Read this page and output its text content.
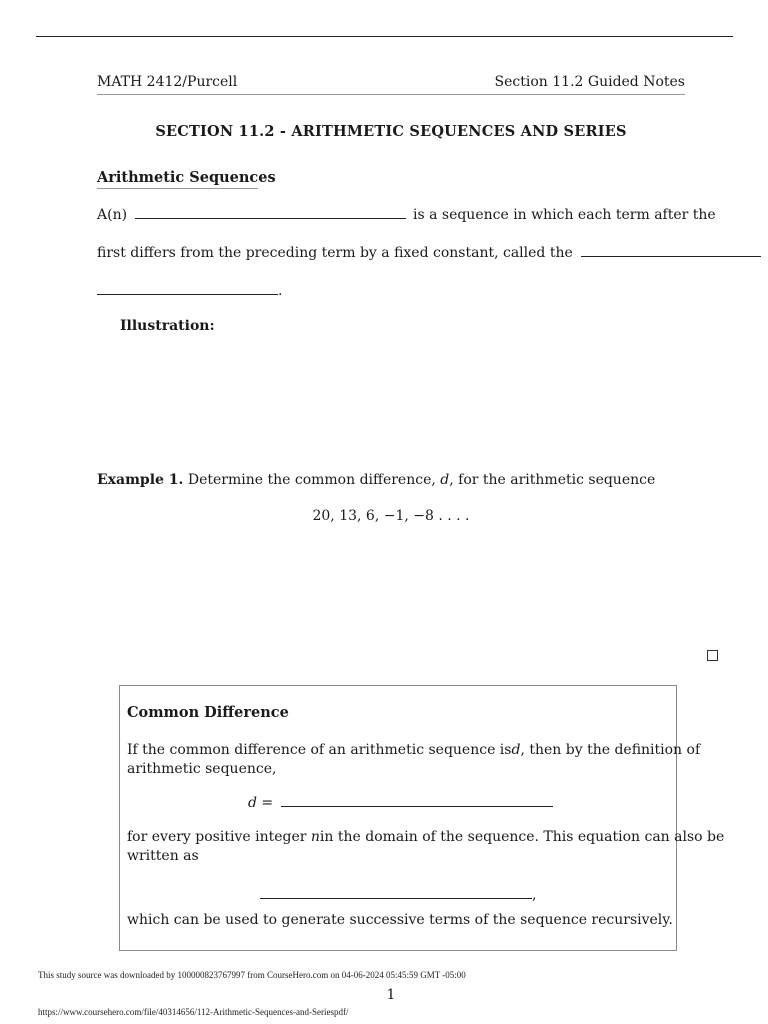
MATH 2412/Purcell	Section 11.2 Guided Notes
SECTION 11.2 - ARITHMETIC SEQUENCES AND SERIES
Arithmetic Sequences
A(n)	is a sequence in which each term after the
first differs from the preceding term by a fixed constant, called the
.
Illustration:
Example 1. Determine the common difference, d, for the arithmetic sequence
20, 13, 6, −1, −8 . . . .
Common Difference
If the common difference of an arithmetic sequence is d, then by the definition of
arithmetic sequence,
d =
for every positive integer n in the domain of the sequence. This equation can also be
written as
,
which can be used to generate successive terms of the sequence recursively.
This study source was downloaded by 100000823767997 from CourseHero.com on 04-06-2024 05:45:59 GMT -05:00
1
https://www.coursehero.com/file/40314656/112-Arithmetic-Sequences-and-Seriespdf/
